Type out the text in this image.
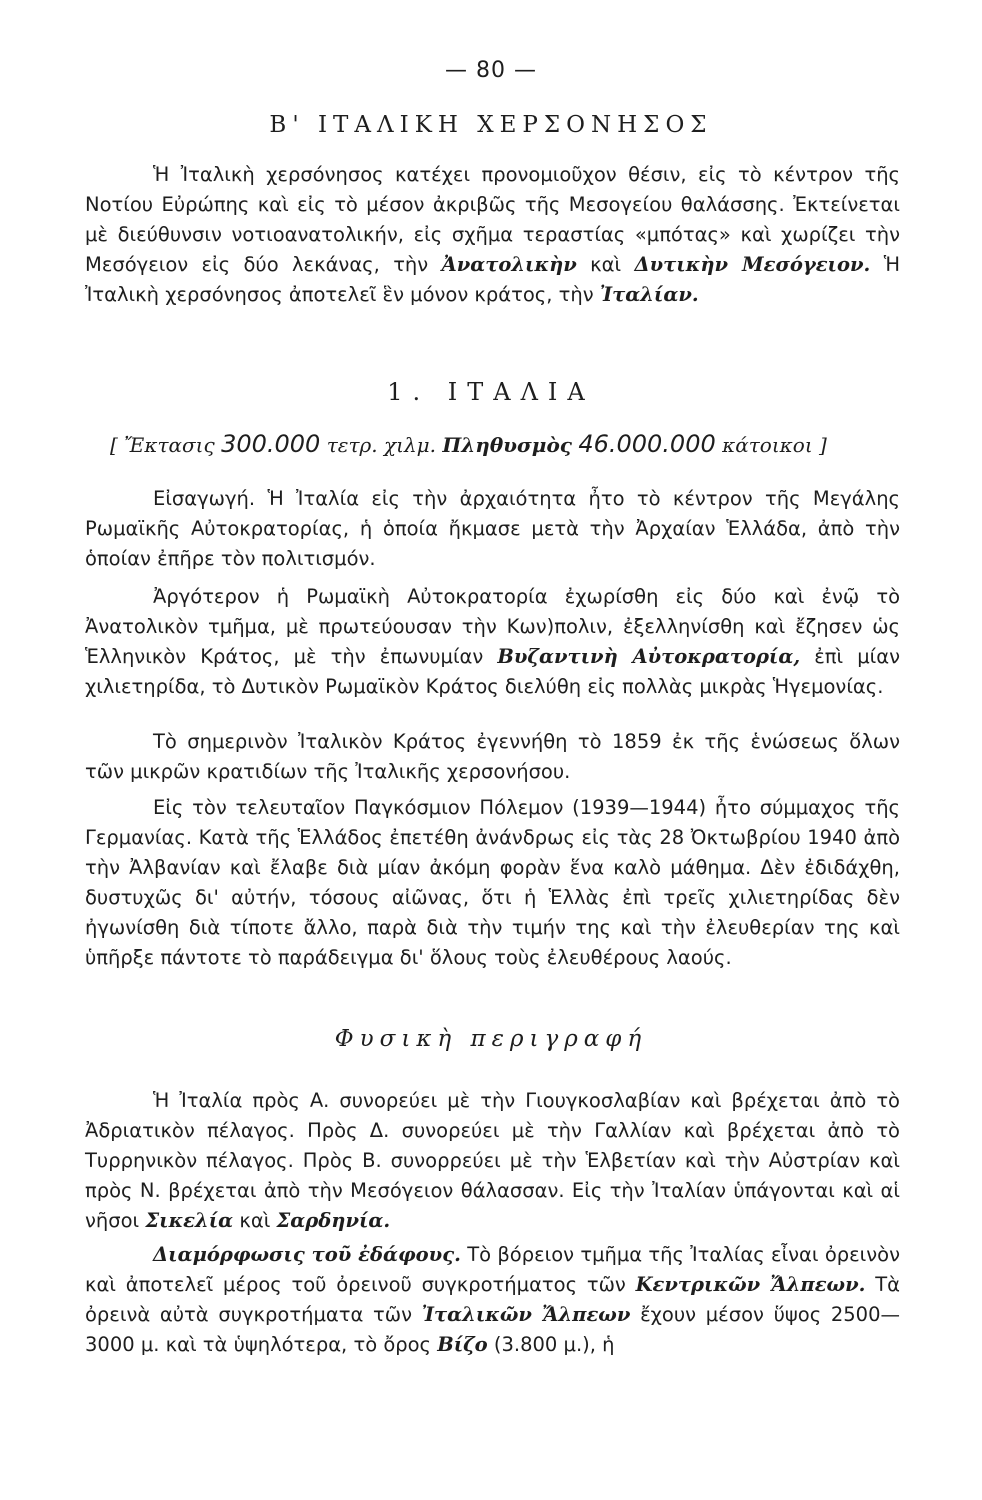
— 80 —
Β' ΙΤΑΛΙΚΗ ΧΕΡΣΟΝΗΣΟΣ

Ἡ Ἰταλικὴ χερσόνησος κατέχει προνομιοῦχον θέσιν, εἰς τὸ κέντρον τῆς Νοτίου Εὐρώπης καὶ εἰς τὸ μέσον ἀκριβῶς τῆς Μεσογείου θαλάσσης. Ἐκτείνεται μὲ διεύθυνσιν νοτιοανατολικήν, εἰς σχῆμα τεραστίας «μπότας» καὶ χωρίζει τὴν Μεσόγειον εἰς δύο λεκάνας, τὴν Ἀνατολικὴν καὶ Δυτικὴν Μεσόγειον. Ἡ Ἰταλικὴ χερσόνησος ἀποτελεῖ ἓν μόνον κράτος, τὴν Ἰταλίαν.

1. ΙΤΑΛΙΑ
[ Ἔκτασις 300.000 τετρ. χιλμ. Πληθυσμὸς 46.000.000 κάτοικοι ]

Εἰσαγωγή. Ἡ Ἰταλία εἰς τὴν ἀρχαιότητα ἦτο τὸ κέντρον τῆς Μεγάλης Ρωμαϊκῆς Αὐτοκρατορίας, ἡ ὁποία ἤκμασε μετὰ τὴν Ἀρχαίαν Ἑλλάδα, ἀπὸ τὴν ὁποίαν ἐπῆρε τὸν πολιτισμόν.

Ἀργότερον ἡ Ρωμαϊκὴ Αὐτοκρατορία ἐχωρίσθη εἰς δύο καὶ ἐνῷ τὸ Ἀνατολικὸν τμῆμα, μὲ πρωτεύουσαν τὴν Κων)πολιν, ἐξελληνίσθη καὶ ἔζησεν ὡς Ἑλληνικὸν Κράτος, μὲ τὴν ἐπωνυμίαν Βυζαντινὴ Αὐτοκρατορία, ἐπὶ μίαν χιλιετηρίδα, τὸ Δυτικὸν Ρωμαϊκὸν Κράτος διελύθη εἰς πολλὰς μικρὰς Ἡγεμονίας.

Τὸ σημερινὸν Ἰταλικὸν Κράτος ἐγεννήθη τὸ 1859 ἐκ τῆς ἑνώσεως ὅλων τῶν μικρῶν κρατιδίων τῆς Ἰταλικῆς χερσονήσου.

Εἰς τὸν τελευταῖον Παγκόσμιον Πόλεμον (1939—1944) ἦτο σύμμαχος τῆς Γερμανίας. Κατὰ τῆς Ἑλλάδος ἐπετέθη ἀνάνδρως εἰς τὰς 28 Ὀκτωβρίου 1940 ἀπὸ τὴν Ἀλβανίαν καὶ ἔλαβε διὰ μίαν ἀκόμη φορὰν ἕνα καλὸ μάθημα. Δὲν ἐδιδάχθη, δυστυχῶς δι' αὐτήν, τόσους αἰῶνας, ὅτι ἡ Ἑλλὰς ἐπὶ τρεῖς χιλιετηρίδας δὲν ἠγωνίσθη διὰ τίποτε ἄλλο, παρὰ διὰ τὴν τιμήν της καὶ τὴν ἐλευθερίαν της καὶ ὑπῆρξε πάντοτε τὸ παράδειγμα δι' ὅλους τοὺς ἐλευθέρους λαούς.

Φυσικὴ περιγραφή

Ἡ Ἰταλία πρὸς Α. συνορεύει μὲ τὴν Γιουγκοσλαβίαν καὶ βρέχεται ἀπὸ τὸ Ἀδριατικὸν πέλαγος. Πρὸς Δ. συνορεύει μὲ τὴν Γαλλίαν καὶ βρέχεται ἀπὸ τὸ Τυρρηνικὸν πέλαγος. Πρὸς Β. συνορρεύει μὲ τὴν Ἑλβετίαν καὶ τὴν Αὐστρίαν καὶ πρὸς Ν. βρέχεται ἀπὸ τὴν Μεσόγειον θάλασσαν. Εἰς τὴν Ἰταλίαν ὑπάγονται καὶ αἱ νῆσοι Σικελία καὶ Σαρδηνία.

Διαμόρφωσις τοῦ ἐδάφους. Τὸ βόρειον τμῆμα τῆς Ἰταλίας εἶναι ὀρεινὸν καὶ ἀποτελεῖ μέρος τοῦ ὀρεινοῦ συγκροτήματος τῶν Κεντρικῶν Ἄλπεων. Τὰ ὀρεινὰ αὐτὰ συγκροτήματα τῶν Ἰταλικῶν Ἄλπεων ἔχουν μέσον ὕψος 2500—3000 μ. καὶ τὰ ὑψηλότερα, τὸ ὄρος Βίζο (3.800 μ.), ἡ
